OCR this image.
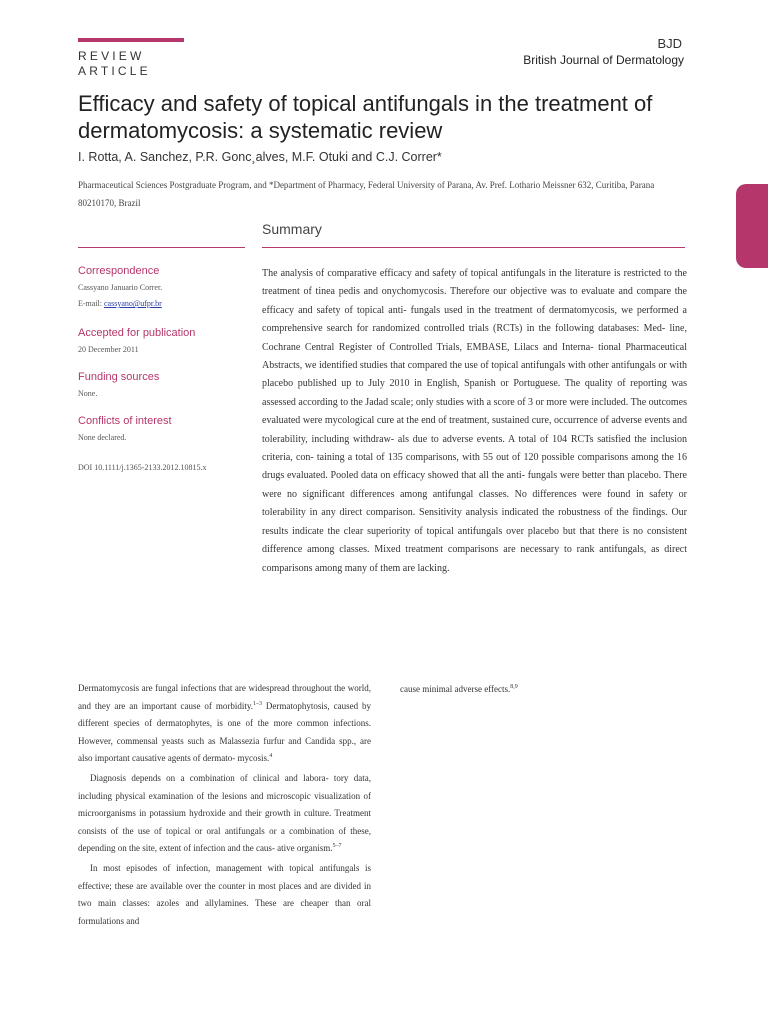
REVIEW ARTICLE
BJD
British Journal of Dermatology
Efficacy and safety of topical antifungals in the treatment of dermatomycosis: a systematic review
I. Rotta, A. Sanchez, P.R. Gonc¸alves, M.F. Otuki and C.J. Correr*
Pharmaceutical Sciences Postgraduate Program, and *Department of Pharmacy, Federal University of Parana, Av. Pref. Lothario Meissner 632, Curitiba, Parana 80210170, Brazil
Summary
Correspondence
Cassyano Januario Correr.
E-mail: cassyano@ufpr.br
Accepted for publication
20 December 2011
Funding sources
None.
Conflicts of interest
None declared.
DOI 10.1111/j.1365-2133.2012.10815.x

The analysis of comparative efficacy and safety of topical antifungals in the literature is restricted to the treatment of tinea pedis and onychomycosis. Therefore our objective was to evaluate and compare the efficacy and safety of topical anti- fungals used in the treatment of dermatomycosis, we performed a comprehensive search for randomized controlled trials (RCTs) in the following databases: Med- line, Cochrane Central Register of Controlled Trials, EMBASE, Lilacs and Interna- tional Pharmaceutical Abstracts, we identified studies that compared the use of topical antifungals with other antifungals or with placebo published up to July 2010 in English, Spanish or Portuguese. The quality of reporting was assessed according to the Jadad scale; only studies with a score of 3 or more were included. The outcomes evaluated were mycological cure at the end of treatment, sustained cure, occurrence of adverse events and tolerability, including withdraw- als due to adverse events. A total of 104 RCTs satisfied the inclusion criteria, con- taining a total of 135 comparisons, with 55 out of 120 possible comparisons among the 16 drugs evaluated. Pooled data on efficacy showed that all the anti- fungals were better than placebo. There were no significant differences among antifungal classes. No differences were found in safety or tolerability in any direct comparison. Sensitivity analysis indicated the robustness of the findings. Our results indicate the clear superiority of topical antifungals over placebo but that there is no consistent difference among classes. Mixed treatment comparisons are necessary to rank antifungals, as direct comparisons among many of them are lacking.

Dermatomycosis are fungal infections that are widespread throughout the world, and they are an important cause of morbidity.$^{1-3}$ Dermatophytosis, caused by different species of dermatophytes, is one of the more common infections. However, commensal yeasts such as Malassezia furfur and Candida spp., are also important causative agents of dermato- mycosis.$^4$

Diagnosis depends on a combination of clinical and labora- tory data, including physical examination of the lesions and microscopic visualization of microorganisms in potassium hydroxide and their growth in culture. Treatment consists of the use of topical or oral antifungals or a combination of these, depending on the site, extent of infection and the caus- ative organism.$^{5-7}$

In most episodes of infection, management with topical antifungals is effective; these are available over the counter in most places and are divided in two main classes: azoles and allylamines. These are cheaper than oral formulations and

cause minimal adverse effects.$^{8,9}$
